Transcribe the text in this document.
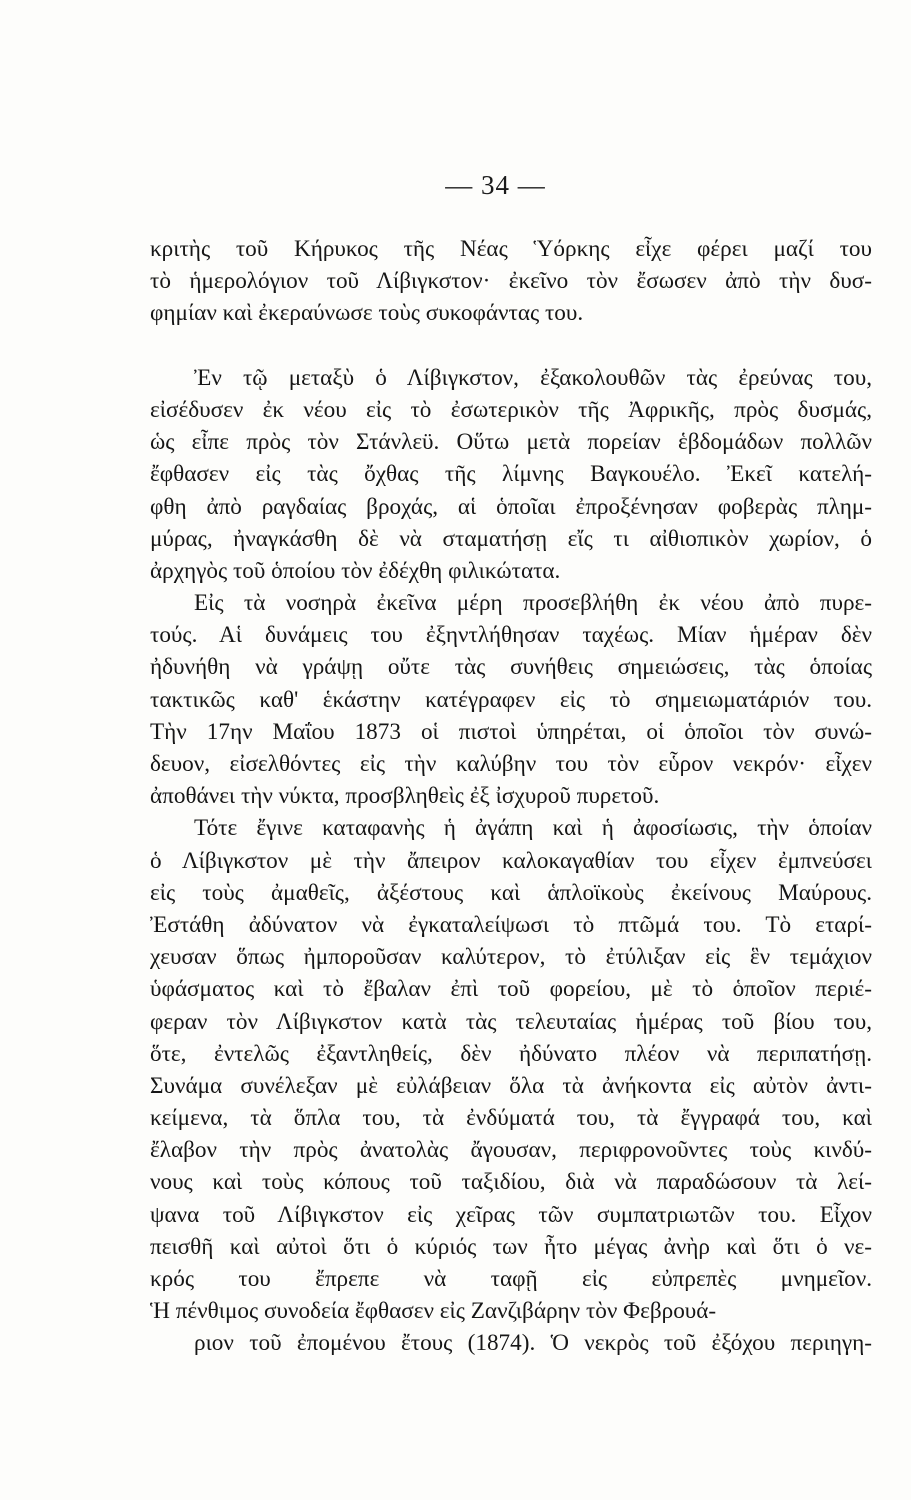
— 34 —
κριτὴς τοῦ Κήρυκος τῆς Νέας Ὑόρκης εἶχε φέρει μαζί του
τὸ ἡμερολόγιον τοῦ Λίβιγκστον· ἐκεῖνο τὸν ἔσωσεν ἀπὸ τὴν δυσ-
φημίαν καὶ ἐκεραύνωσε τοὺς συκοφάντας του.
Ἐν τῷ μεταξὺ ὁ Λίβιγκστον, ἐξακολουθῶν τὰς ἐρεύνας του,
εἰσέδυσεν ἐκ νέου εἰς τὸ ἐσωτερικὸν τῆς Ἀφρικῆς, πρὸς δυσμάς,
ὡς εἶπε πρὸς τὸν Στάνλεϋ. Οὕτω μετὰ πορείαν ἑβδομάδων πολλῶν
ἔφθασεν εἰς τὰς ὄχθας τῆς λίμνης Βαγκουέλο. Ἐκεῖ κατελή-
φθη ἀπὸ ραγδαίας βροχάς, αἱ ὁποῖαι ἐπροξένησαν φοβερὰς πλημ-
μύρας, ἠναγκάσθη δὲ νὰ σταματήσῃ εἴς τι αἰθιοπικὸν χωρίον, ὁ
ἀρχηγὸς τοῦ ὁποίου τὸν ἐδέχθη φιλικώτατα.
Εἰς τὰ νοσηρὰ ἐκεῖνα μέρη προσεβλήθη ἐκ νέου ἀπὸ πυρε-
τούς. Αἱ δυνάμεις του ἐξηντλήθησαν ταχέως. Μίαν ἡμέραν δὲν
ἠδυνήθη νὰ γράψῃ οὔτε τὰς συνήθεις σημειώσεις, τὰς ὁποίας
τακτικῶς καθ' ἑκάστην κατέγραφεν εἰς τὸ σημειωματάριόν του.
Τὴν 17ην Μαΐου 1873 οἱ πιστοὶ ὑπηρέται, οἱ ὁποῖοι τὸν συνώ-
δευον, εἰσελθόντες εἰς τὴν καλύβην του τὸν εὗρον νεκρόν· εἶχεν
ἀποθάνει τὴν νύκτα, προσβληθεὶς ἐξ ἰσχυροῦ πυρετοῦ.
Τότε ἔγινε καταφανὴς ἡ ἀγάπη καὶ ἡ ἀφοσίωσις, τὴν ὁποίαν
ὁ Λίβιγκστον μὲ τὴν ἄπειρον καλοκαγαθίαν του εἶχεν ἐμπνεύσει
εἰς τοὺς ἀμαθεῖς, ἀξέστους καὶ ἁπλοϊκοὺς ἐκείνους Μαύρους.
Ἐστάθη ἀδύνατον νὰ ἐγκαταλείψωσι τὸ πτῶμά του. Τὸ εταρί-
χευσαν ὅπως ἠμποροῦσαν καλύτερον, τὸ ἐτύλιξαν εἰς ἓν τεμάχιον
ὑφάσματος καὶ τὸ ἔβαλαν ἐπὶ τοῦ φορείου, μὲ τὸ ὁποῖον περιέ-
φεραν τὸν Λίβιγκστον κατὰ τὰς τελευταίας ἡμέρας τοῦ βίου του,
ὅτε, ἐντελῶς ἐξαντληθείς, δὲν ἠδύνατο πλέον νὰ περιπατήσῃ.
Συνάμα συνέλεξαν μὲ εὐλάβειαν ὅλα τὰ ἀνήκοντα εἰς αὐτὸν ἀντι-
κείμενα, τὰ ὅπλα του, τὰ ἐνδύματά του, τὰ ἔγγραφά του, καὶ
ἔλαβον τὴν πρὸς ἀνατολὰς ἄγουσαν, περιφρονοῦντες τοὺς κινδύ-
νους καὶ τοὺς κόπους τοῦ ταξιδίου, διὰ νὰ παραδώσουν τὰ λεί-
ψανα τοῦ Λίβιγκστον εἰς χεῖρας τῶν συμπατριωτῶν του. Εἶχον
πεισθῆ καὶ αὐτοὶ ὅτι ὁ κύριός των ἦτο μέγας ἀνὴρ καὶ ὅτι ὁ νε-
κρός του ἔπρεπε νὰ ταφῇ εἰς εὐπρεπὲς μνημεῖον.
Ἡ πένθιμος συνοδεία ἔφθασεν εἰς Ζανζιβάρην τὸν Φεβρουά-
ριον τοῦ ἐπομένου ἔτους (1874). Ὁ νεκρὸς τοῦ ἐξόχου περιηγη-
